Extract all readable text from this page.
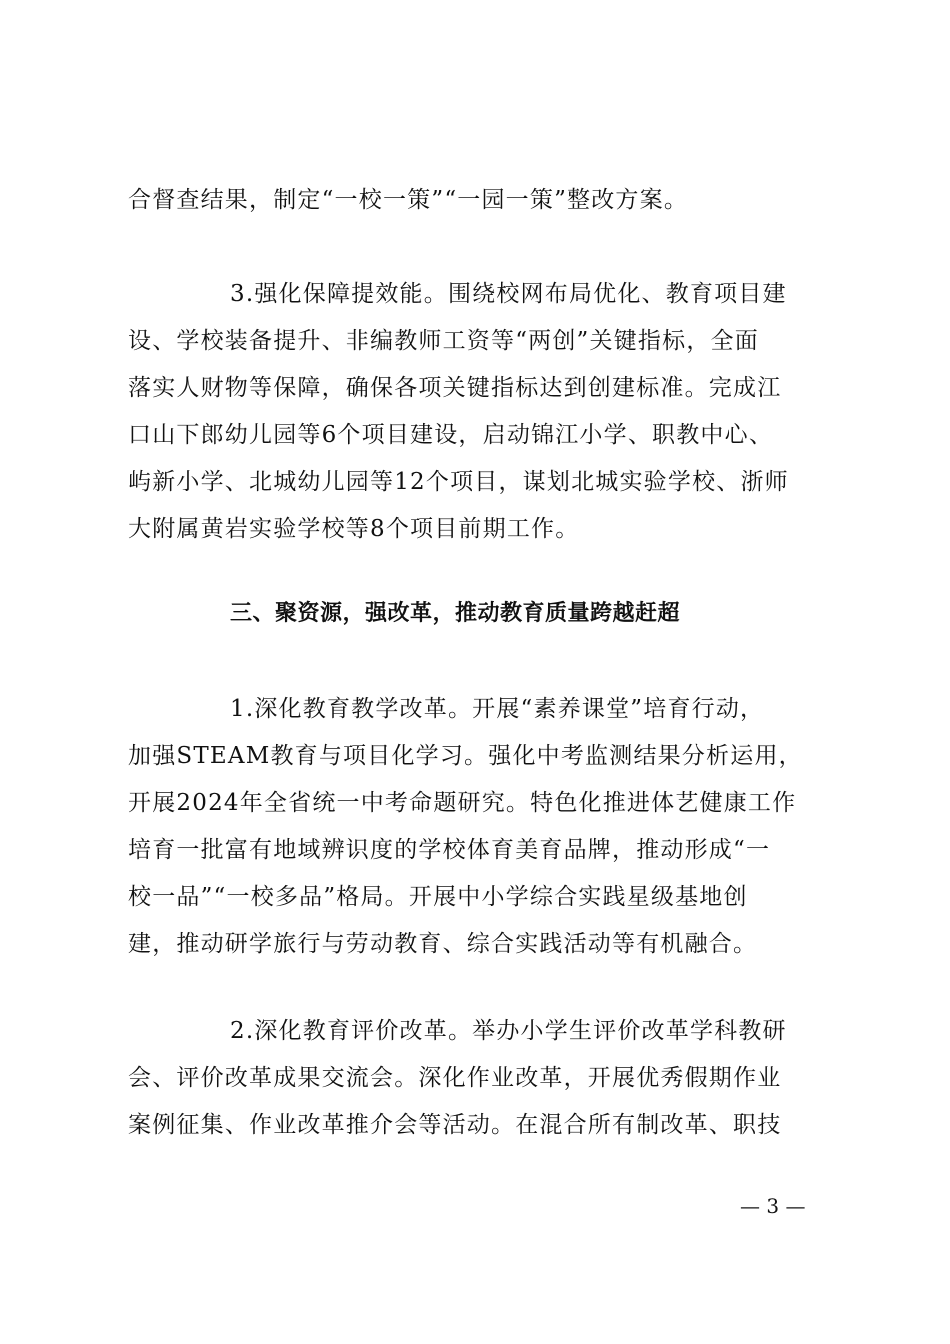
合督查结果，制定“一校一策”“一园一策”整改方案。
3.强化保障提效能。围绕校网布局优化、教育项目建
设、学校装备提升、非编教师工资等“两创”关键指标，全面
落实人财物等保障，确保各项关键指标达到创建标准。完成江
口山下郎幼儿园等6个项目建设，启动锦江小学、职教中心、
屿新小学、北城幼儿园等12个项目，谋划北城实验学校、浙师
大附属黄岩实验学校等8个项目前期工作。
三、聚资源，强改革，推动教育质量跨越赶超
1.深化教育教学改革。开展“素养课堂”培育行动，
加强STEAM教育与项目化学习。强化中考监测结果分析运用，
开展2024年全省统一中考命题研究。特色化推进体艺健康工作
培育一批富有地域辨识度的学校体育美育品牌，推动形成“一
校一品”“一校多品”格局。开展中小学综合实践星级基地创
建，推动研学旅行与劳动教育、综合实践活动等有机融合。
2.深化教育评价改革。举办小学生评价改革学科教研
会、评价改革成果交流会。深化作业改革，开展优秀假期作业
案例征集、作业改革推介会等活动。在混合所有制改革、职技
— 3 —
